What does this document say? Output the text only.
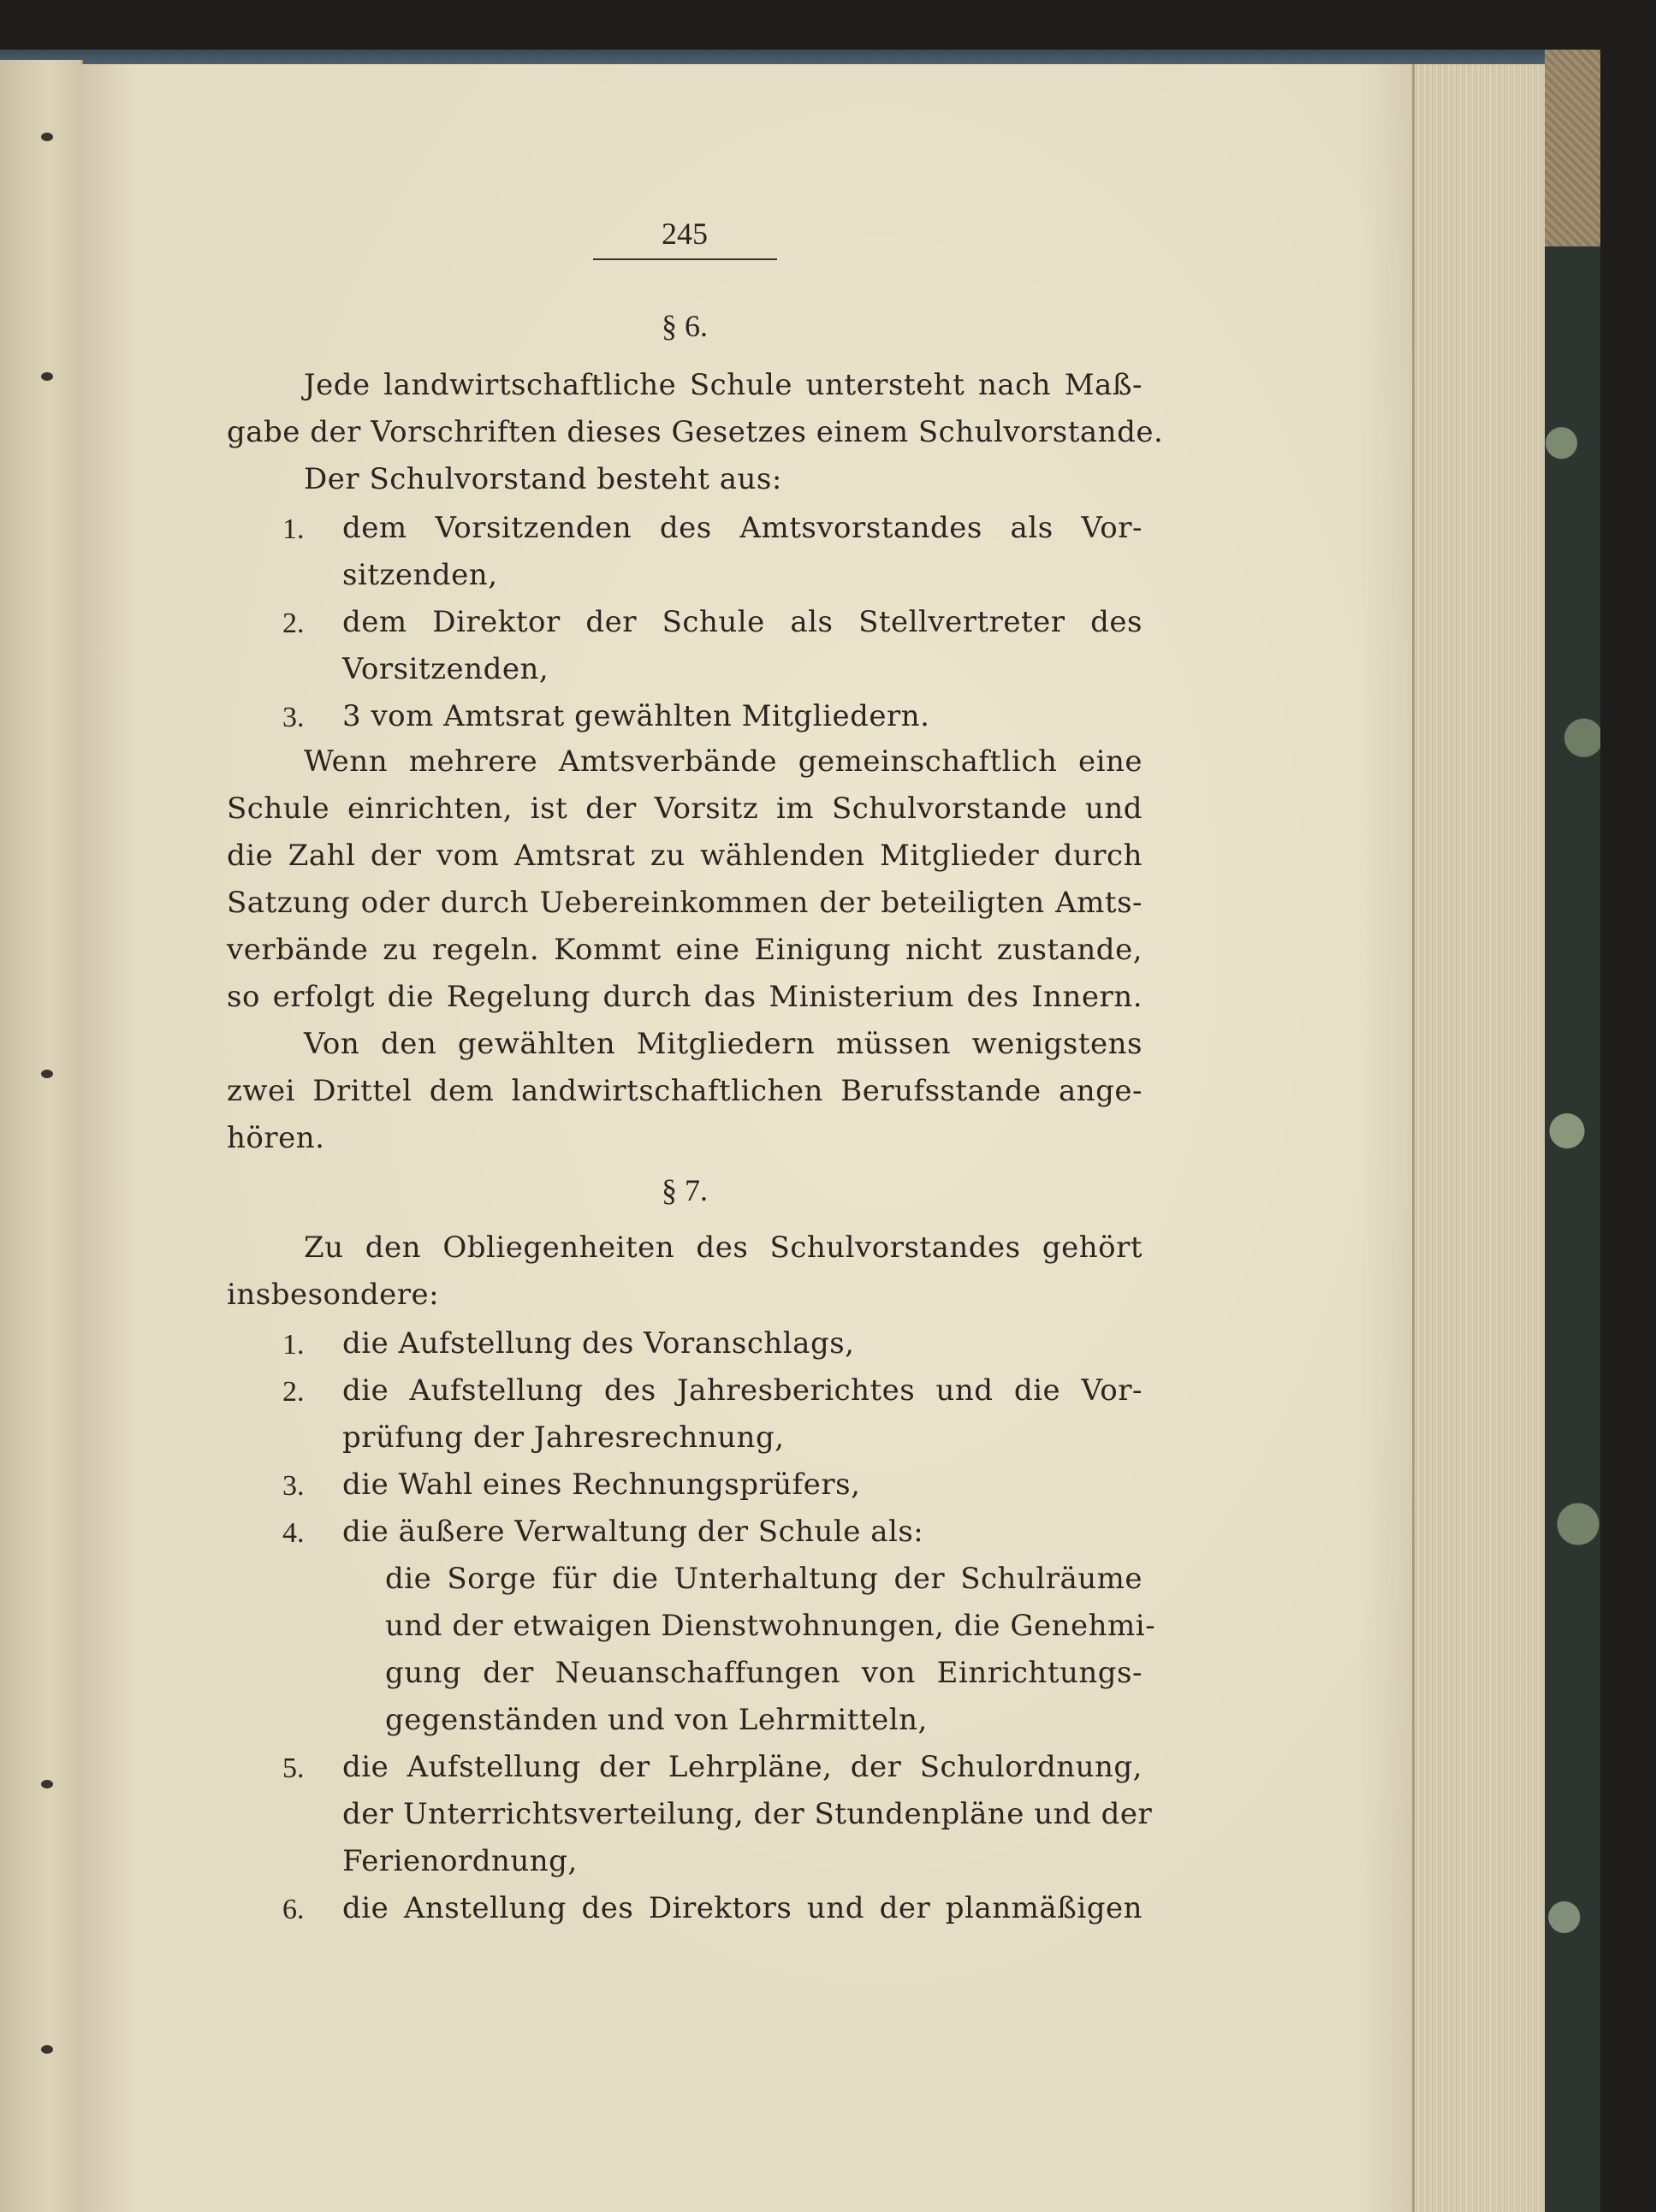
245
§ 6.
Jede landwirtschaftliche Schule untersteht nach Maß-
gabe der Vorschriften dieses Gesetzes einem Schulvorstande.
Der Schulvorstand besteht aus:
1. dem Vorsitzenden des Amtsvorstandes als Vor-
sitzenden,
2. dem Direktor der Schule als Stellvertreter des
Vorsitzenden,
3. 3 vom Amtsrat gewählten Mitgliedern.
Wenn mehrere Amtsverbände gemeinschaftlich eine
Schule einrichten, ist der Vorsitz im Schulvorstande und
die Zahl der vom Amtsrat zu wählenden Mitglieder durch
Satzung oder durch Uebereinkommen der beteiligten Amts-
verbände zu regeln. Kommt eine Einigung nicht zustande,
so erfolgt die Regelung durch das Ministerium des Innern.
Von den gewählten Mitgliedern müssen wenigstens
zwei Drittel dem landwirtschaftlichen Berufsstande ange-
hören.
§ 7.
Zu den Obliegenheiten des Schulvorstandes gehört
insbesondere:
1. die Aufstellung des Voranschlags,
2. die Aufstellung des Jahresberichtes und die Vor-
prüfung der Jahresrechnung,
3. die Wahl eines Rechnungsprüfers,
4. die äußere Verwaltung der Schule als:
die Sorge für die Unterhaltung der Schulräume
und der etwaigen Dienstwohnungen, die Genehmi-
gung der Neuanschaffungen von Einrichtungs-
gegenständen und von Lehrmitteln,
5. die Aufstellung der Lehrpläne, der Schulordnung,
der Unterrichtsverteilung, der Stundenpläne und der
Ferienordnung,
6. die Anstellung des Direktors und der planmäßigen
